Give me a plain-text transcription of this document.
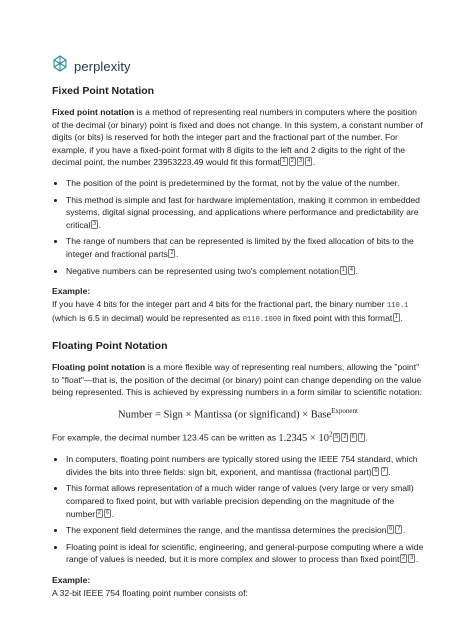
perplexity
Fixed Point Notation

Fixed point notation is a method of representing real numbers in computers where the position of the decimal (or binary) point is fixed and does not change. In this system, a constant number of digits (or bits) is reserved for both the integer part and the fractional part of the number. For example, if you have a fixed-point format with 8 digits to the left and 2 digits to the right of the decimal point, the number 23953223.49 would fit this format 1 2 3 4 .

• The position of the point is predetermined by the format, not by the value of the number.
• This method is simple and fast for hardware implementation, making it common in embedded systems, digital signal processing, and applications where performance and predictability are critical 3 .
• The range of numbers that can be represented is limited by the fixed allocation of bits to the integer and fractional parts 2 .
• Negative numbers can be represented using two's complement notation 1 4 .

Example:

If you have 4 bits for the integer part and 4 bits for the fractional part, the binary number 110.1 (which is 6.5 in decimal) would be represented as 0110.1000 in fixed point with this format 1 .

Floating Point Notation

Floating point notation is a more flexible way of representing real numbers, allowing the "point" to "float"—that is, the position of the decimal (or binary) point can change depending on the value being represented. This is achieved by expressing numbers in a form similar to scientific notation:

Number = Sign × Mantissa (or significand) × Base$^{Exponent}$

For example, the decimal number 123.45 can be written as $1.2345 \times 10^2$ 5 2 6 7 .

• In computers, floating point numbers are typically stored using the IEEE 754 standard, which divides the bits into three fields: sign bit, exponent, and mantissa (fractional part) 6 7 .
• This format allows representation of a much wider range of values (very large or very small) compared to fixed point, but with variable precision depending on the magnitude of the number 2 6 .
• The exponent field determines the range, and the mantissa determines the precision 6 7 .
• Floating point is ideal for scientific, engineering, and general-purpose computing where a wide range of values is needed, but it is more complex and slower to process than fixed point 2 3 .

Example:

A 32-bit IEEE 754 floating point number consists of:
